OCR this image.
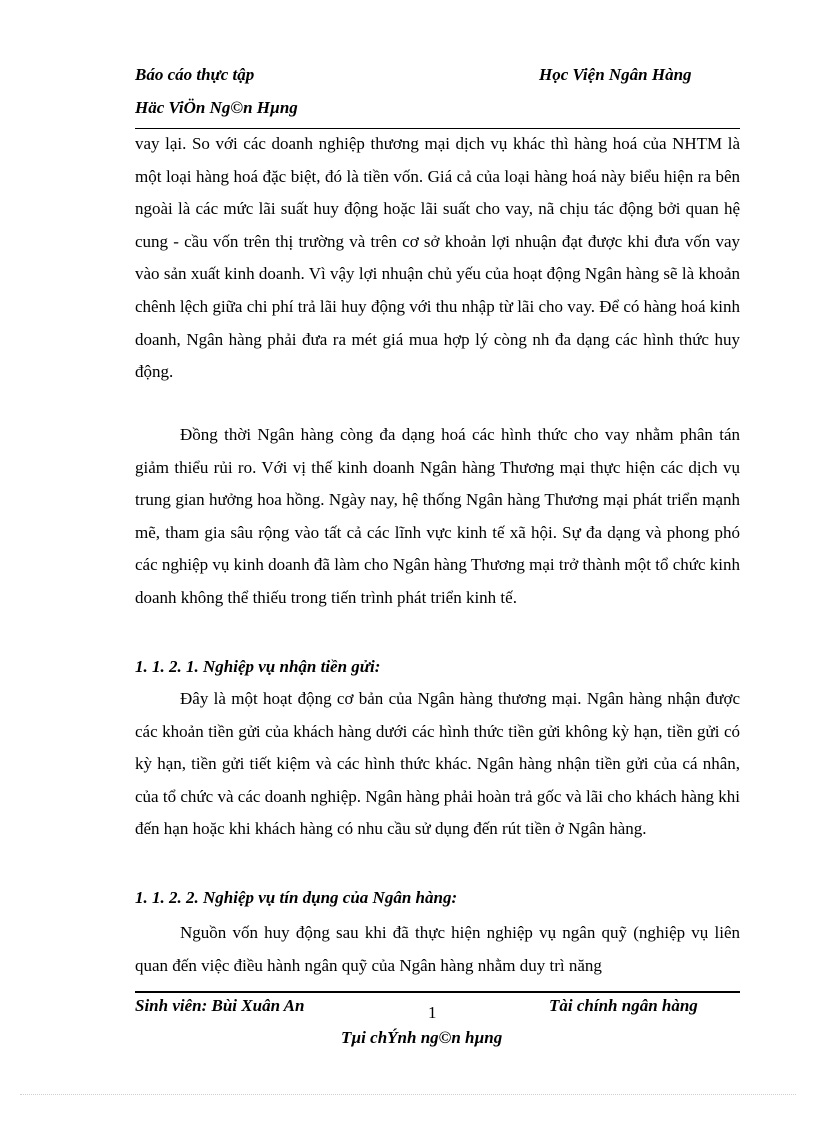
Báo cáo thực tập	Học Viện Ngân Hàng
Häc ViÖn Ng©n Hµng
vay lại. So với các doanh nghiệp thương mại dịch vụ khác thì hàng hoá của NHTM là một loại hàng hoá đặc biệt, đó là tiền vốn. Giá cả của loại hàng hoá này biểu hiện ra bên ngoài là các mức lãi suất huy động hoặc lãi suất cho vay, nã chịu tác động bởi quan hệ cung - cầu vốn trên thị trường và trên cơ sở khoản lợi nhuận đạt được khi đưa vốn vay vào sản xuất kinh doanh. Vì vậy lợi nhuận chủ yếu của hoạt động Ngân hàng sẽ là khoản chênh lệch giữa chi phí trả lãi huy động với thu nhập từ lãi cho vay. Để có hàng hoá kinh doanh, Ngân hàng phải đưa ra mét giá mua hợp lý còng nh đa dạng các hình thức huy động.
Đồng thời Ngân hàng còng đa dạng hoá các hình thức cho vay nhằm phân tán giảm thiểu rủi ro. Với vị thế kinh doanh Ngân hàng Thương mại thực hiện các dịch vụ trung gian hưởng hoa hồng. Ngày nay, hệ thống Ngân hàng Thương mại phát triển mạnh mẽ, tham gia sâu rộng vào tất cả các lĩnh vực kinh tế xã hội. Sự đa dạng và phong phó các nghiệp vụ kinh doanh đã làm cho Ngân hàng Thương mại trở thành một tổ chức kinh doanh không thể thiếu trong tiến trình phát triển kinh tế.
1. 1. 2. 1. Nghiệp vụ nhận tiền gửi:
Đây là một hoạt động cơ bản của Ngân hàng thương mại. Ngân hàng nhận được các khoản tiền gửi của khách hàng dưới các hình thức tiền gửi không kỳ hạn, tiền gửi có kỳ hạn, tiền gửi tiết kiệm và các hình thức khác. Ngân hàng nhận tiền gửi của cá nhân, của tổ chức và các doanh nghiệp. Ngân hàng phải hoàn trả gốc và lãi cho khách hàng khi đến hạn hoặc khi khách hàng có nhu cầu sử dụng đến rút tiền ở Ngân hàng.
1. 1. 2. 2. Nghiệp vụ tín dụng của Ngân hàng:
Nguồn vốn huy động sau khi đã thực hiện nghiệp vụ ngân quỹ (nghiệp vụ liên quan đến việc điều hành ngân quỹ của Ngân hàng nhằm duy trì năng
Sinh viên: Bùi Xuân An	1	Tài chính ngân hàng
Tµi chÝnh ng©n hµng
